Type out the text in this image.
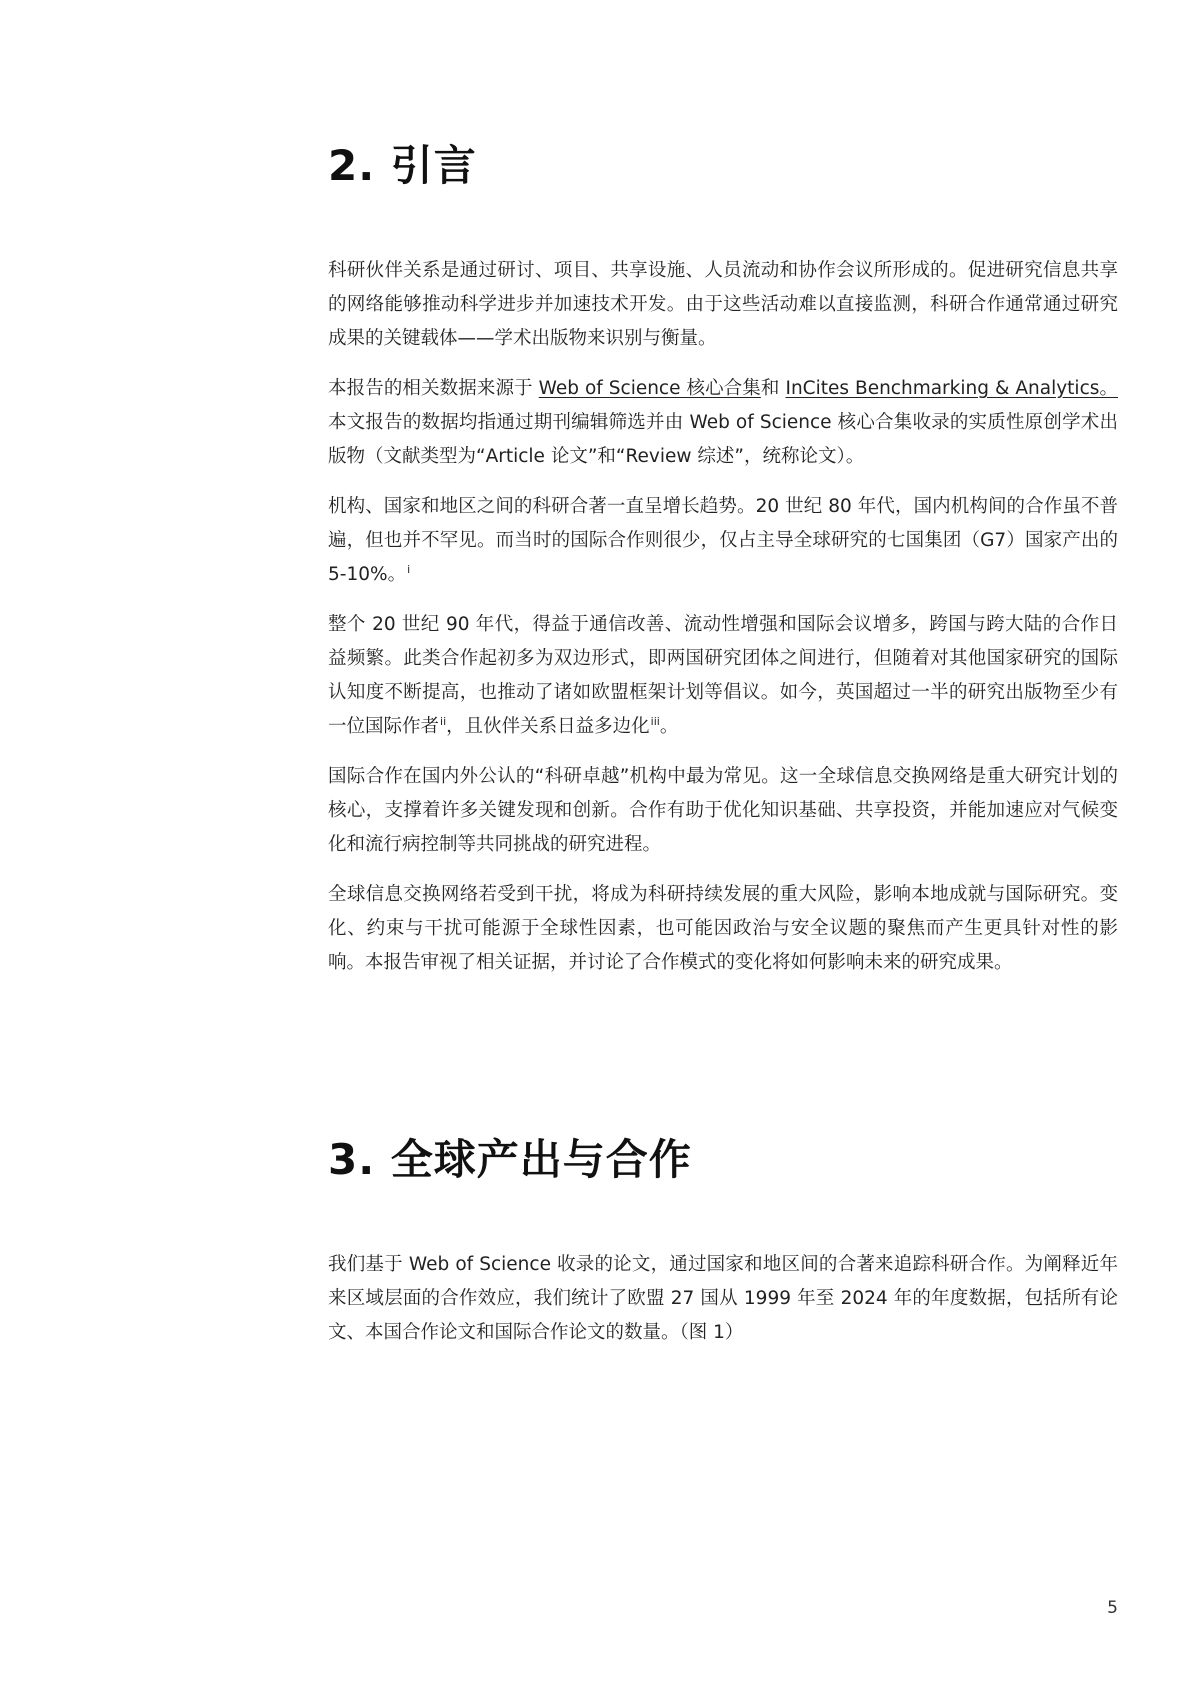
2. 引言

科研伙伴关系是通过研讨、项目、共享设施、人员流动和协作会议所形成的。促进研究信息共享的网络能够推动科学进步并加速技术开发。由于这些活动难以直接监测，科研合作通常通过研究成果的关键载体——学术出版物来识别与衡量。

本报告的相关数据来源于 Web of Science 核心合集和 InCites Benchmarking & Analytics。本文报告的数据均指通过期刊编辑筛选并由 Web of Science 核心合集收录的实质性原创学术出版物（文献类型为“Article 论文”和“Review 综述”，统称论文）。

机构、国家和地区之间的科研合著一直呈增长趋势。20 世纪 80 年代，国内机构间的合作虽不普遍，但也并不罕见。而当时的国际合作则很少，仅占主导全球研究的七国集团（G7）国家产出的 5-10%。$^i$

整个 20 世纪 90 年代，得益于通信改善、流动性增强和国际会议增多，跨国与跨大陆的合作日益频繁。此类合作起初多为双边形式，即两国研究团体之间进行，但随着对其他国家研究的国际认知度不断提高，也推动了诸如欧盟框架计划等倡议。如今，英国超过一半的研究出版物至少有一位国际作者$^{ii}$，且伙伴关系日益多边化$^{iii}$。

国际合作在国内外公认的“科研卓越”机构中最为常见。这一全球信息交换网络是重大研究计划的核心，支撑着许多关键发现和创新。合作有助于优化知识基础、共享投资，并能加速应对气候变化和流行病控制等共同挑战的研究进程。

全球信息交换网络若受到干扰，将成为科研持续发展的重大风险，影响本地成就与国际研究。变化、约束与干扰可能源于全球性因素，也可能因政治与安全议题的聚焦而产生更具针对性的影响。本报告审视了相关证据，并讨论了合作模式的变化将如何影响未来的研究成果。

3. 全球产出与合作

我们基于 Web of Science 收录的论文，通过国家和地区间的合著来追踪科研合作。为阐释近年来区域层面的合作效应，我们统计了欧盟 27 国从 1999 年至 2024 年的年度数据，包括所有论文、本国合作论文和国际合作论文的数量。（图 1）

5
